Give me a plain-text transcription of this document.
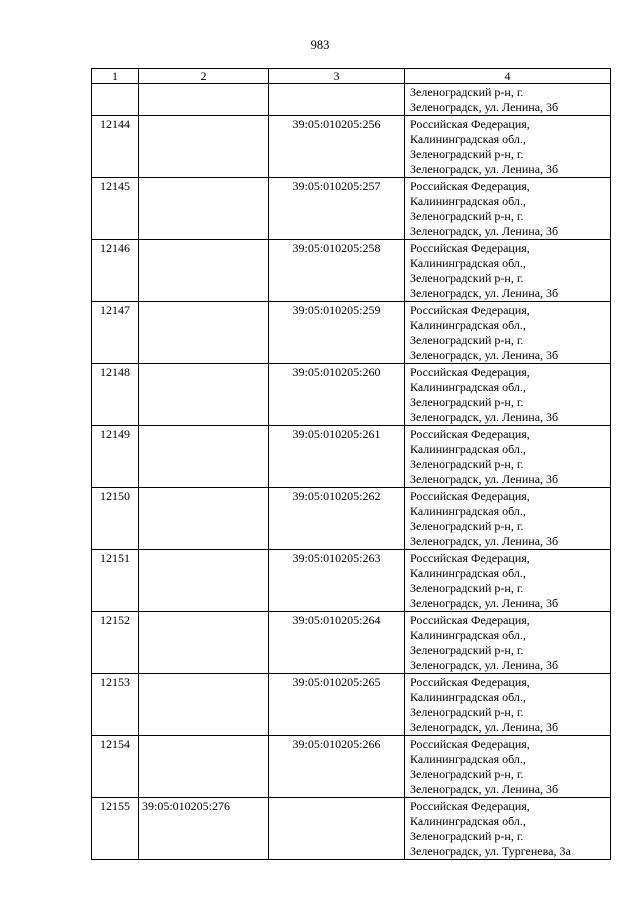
983
1	2	3	4

			Зеленоградский р-н, г.
Зеленоградск, ул. Ленина, 3б

12144		39:05:010205:256	Российская Федерация,
Калининградская обл.,
Зеленоградский р-н, г.
Зеленоградск, ул. Ленина, 3б

12145		39:05:010205:257	Российская Федерация,
Калининградская обл.,
Зеленоградский р-н, г.
Зеленоградск, ул. Ленина, 3б

12146		39:05:010205:258	Российская Федерация,
Калининградская обл.,
Зеленоградский р-н, г.
Зеленоградск, ул. Ленина, 3б

12147		39:05:010205:259	Российская Федерация,
Калининградская обл.,
Зеленоградский р-н, г.
Зеленоградск, ул. Ленина, 3б

12148		39:05:010205:260	Российская Федерация,
Калининградская обл.,
Зеленоградский р-н, г.
Зеленоградск, ул. Ленина, 3б

12149		39:05:010205:261	Российская Федерация,
Калининградская обл.,
Зеленоградский р-н, г.
Зеленоградск, ул. Ленина, 3б

12150		39:05:010205:262	Российская Федерация,
Калининградская обл.,
Зеленоградский р-н, г.
Зеленоградск, ул. Ленина, 3б

12151		39:05:010205:263	Российская Федерация,
Калининградская обл.,
Зеленоградский р-н, г.
Зеленоградск, ул. Ленина, 3б

12152		39:05:010205:264	Российская Федерация,
Калининградская обл.,
Зеленоградский р-н, г.
Зеленоградск, ул. Ленина, 3б

12153		39:05:010205:265	Российская Федерация,
Калининградская обл.,
Зеленоградский р-н, г.
Зеленоградск, ул. Ленина, 3б

12154		39:05:010205:266	Российская Федерация,
Калининградская обл.,
Зеленоградский р-н, г.
Зеленоградск, ул. Ленина, 3б

12155	39:05:010205:276		Российская Федерация,
Калининградская обл.,
Зеленоградский р-н, г.
Зеленоградск, ул. Тургенева, 3а
